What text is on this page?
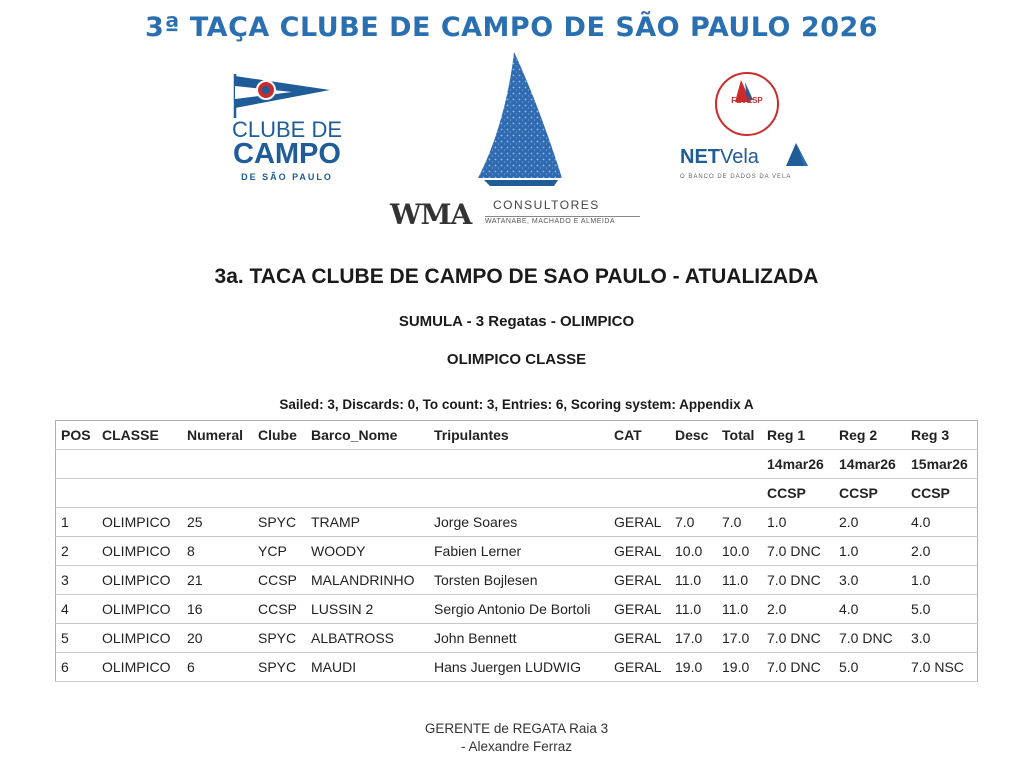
3ª TAÇA CLUBE DE CAMPO DE SÃO PAULO 2026
CLUBE DE
CAMPO
DE SÃO PAULO
WMA CONSULTORES
WATANABE, MACHADO E ALMEIDA
FEVESP
NETVela
O BANCO DE DADOS DA VELA
3a. TACA CLUBE DE CAMPO DE SAO PAULO - ATUALIZADA
SUMULA - 3 Regatas - OLIMPICO
OLIMPICO CLASSE
Sailed: 3, Discards: 0, To count: 3, Entries: 6, Scoring system: Appendix A
POS	CLASSE	Numeral	Clube	Barco_Nome	Tripulantes	CAT	Desc	Total	Reg 1	Reg 2	Reg 3
									14mar26	14mar26	15mar26
									CCSP	CCSP	CCSP
1	OLIMPICO	25	SPYC	TRAMP	Jorge Soares	GERAL	7.0	7.0	1.0	2.0	4.0
2	OLIMPICO	8	YCP	WOODY	Fabien Lerner	GERAL	10.0	10.0	7.0 DNC	1.0	2.0
3	OLIMPICO	21	CCSP	MALANDRINHO	Torsten Bojlesen	GERAL	11.0	11.0	7.0 DNC	3.0	1.0
4	OLIMPICO	16	CCSP	LUSSIN 2	Sergio Antonio De Bortoli	GERAL	11.0	11.0	2.0	4.0	5.0
5	OLIMPICO	20	SPYC	ALBATROSS	John Bennett	GERAL	17.0	17.0	7.0 DNC	7.0 DNC	3.0
6	OLIMPICO	6	SPYC	MAUDI	Hans Juergen LUDWIG	GERAL	19.0	19.0	7.0 DNC	5.0	7.0 NSC
GERENTE de REGATA Raia 3
- Alexandre Ferraz
